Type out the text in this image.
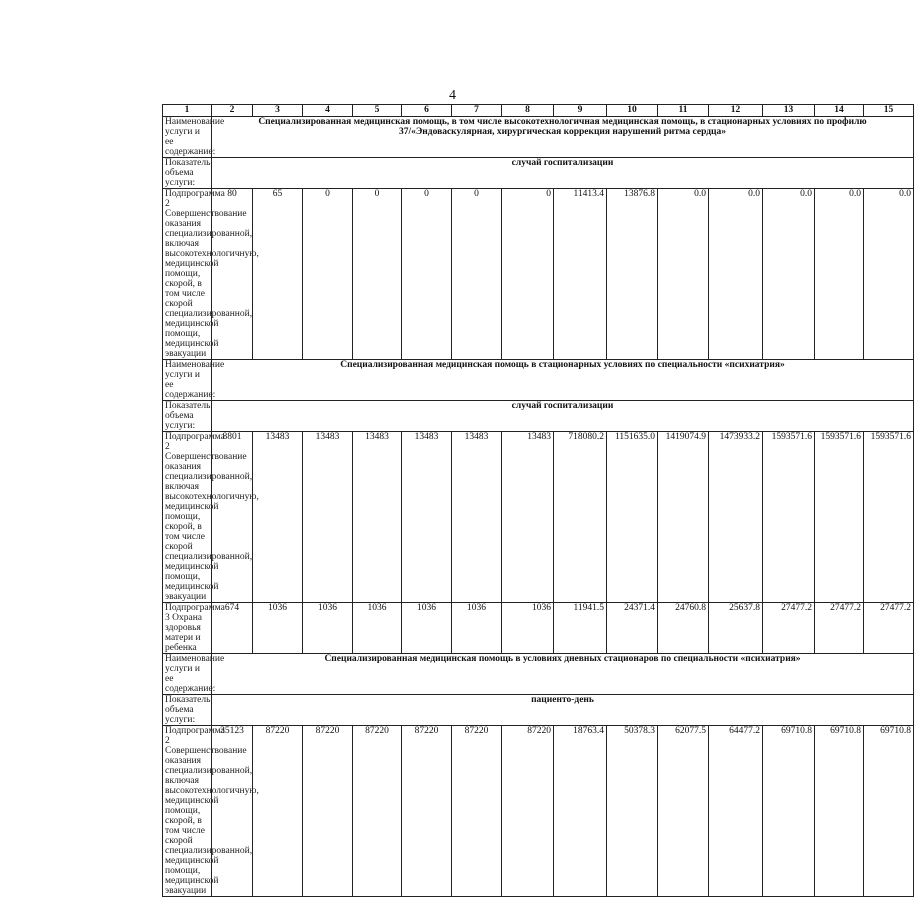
4
1	2	3	4	5	6	7	8	9	10	11	12	13	14	15
Наименование услуги и ее содержание:	Специализированная медицинская помощь, в том числе высокотехнологичная медицинская помощь, в стационарных условиях по профилю 37/«Эндоваскулярная, хирургическая коррекция нарушений ритма сердца»													
Показатель объема услуги:	случай госпитализации													
Подпрограмма 2 Совершенствование оказания специализированной, включая высокотехнологичную, медицинской помощи, скорой, в том числе скорой специализированной, медицинской помощи, медицинской эвакуации	80	65	0	0	0	0	0	11413.4	13876.8	0.0	0.0	0.0	0.0	0.0
Наименование услуги и ее содержание:	Специализированная медицинская помощь в стационарных условиях по специальности «психиатрия»													
Показатель объема услуги:	случай госпитализации													
Подпрограмма 2 Совершенствование оказания специализированной, включая высокотехнологичную, медицинской помощи, скорой, в том числе скорой специализированной, медицинской помощи, медицинской эвакуации	8801	13483	13483	13483	13483	13483	13483	718080.2	1151635.0	1419074.9	1473933.2	1593571.6	1593571.6	1593571.6
Подпрограмма 3 Охрана здоровья матери и ребенка	674	1036	1036	1036	1036	1036	1036	11941.5	24371.4	24760.8	25637.8	27477.2	27477.2	27477.2
Наименование услуги и ее содержание:	Специализированная медицинская помощь в условиях дневных стационаров по специальности «психиатрия»													
Показатель объема услуги:	пациенто-день													
Подпрограмма 2 Совершенствование оказания специализированной, включая высокотехнологичную, медицинской помощи, скорой, в том числе скорой специализированной, медицинской помощи, медицинской эвакуации	35123	87220	87220	87220	87220	87220	87220	18763.4	50378.3	62077.5	64477.2	69710.8	69710.8	69710.8
